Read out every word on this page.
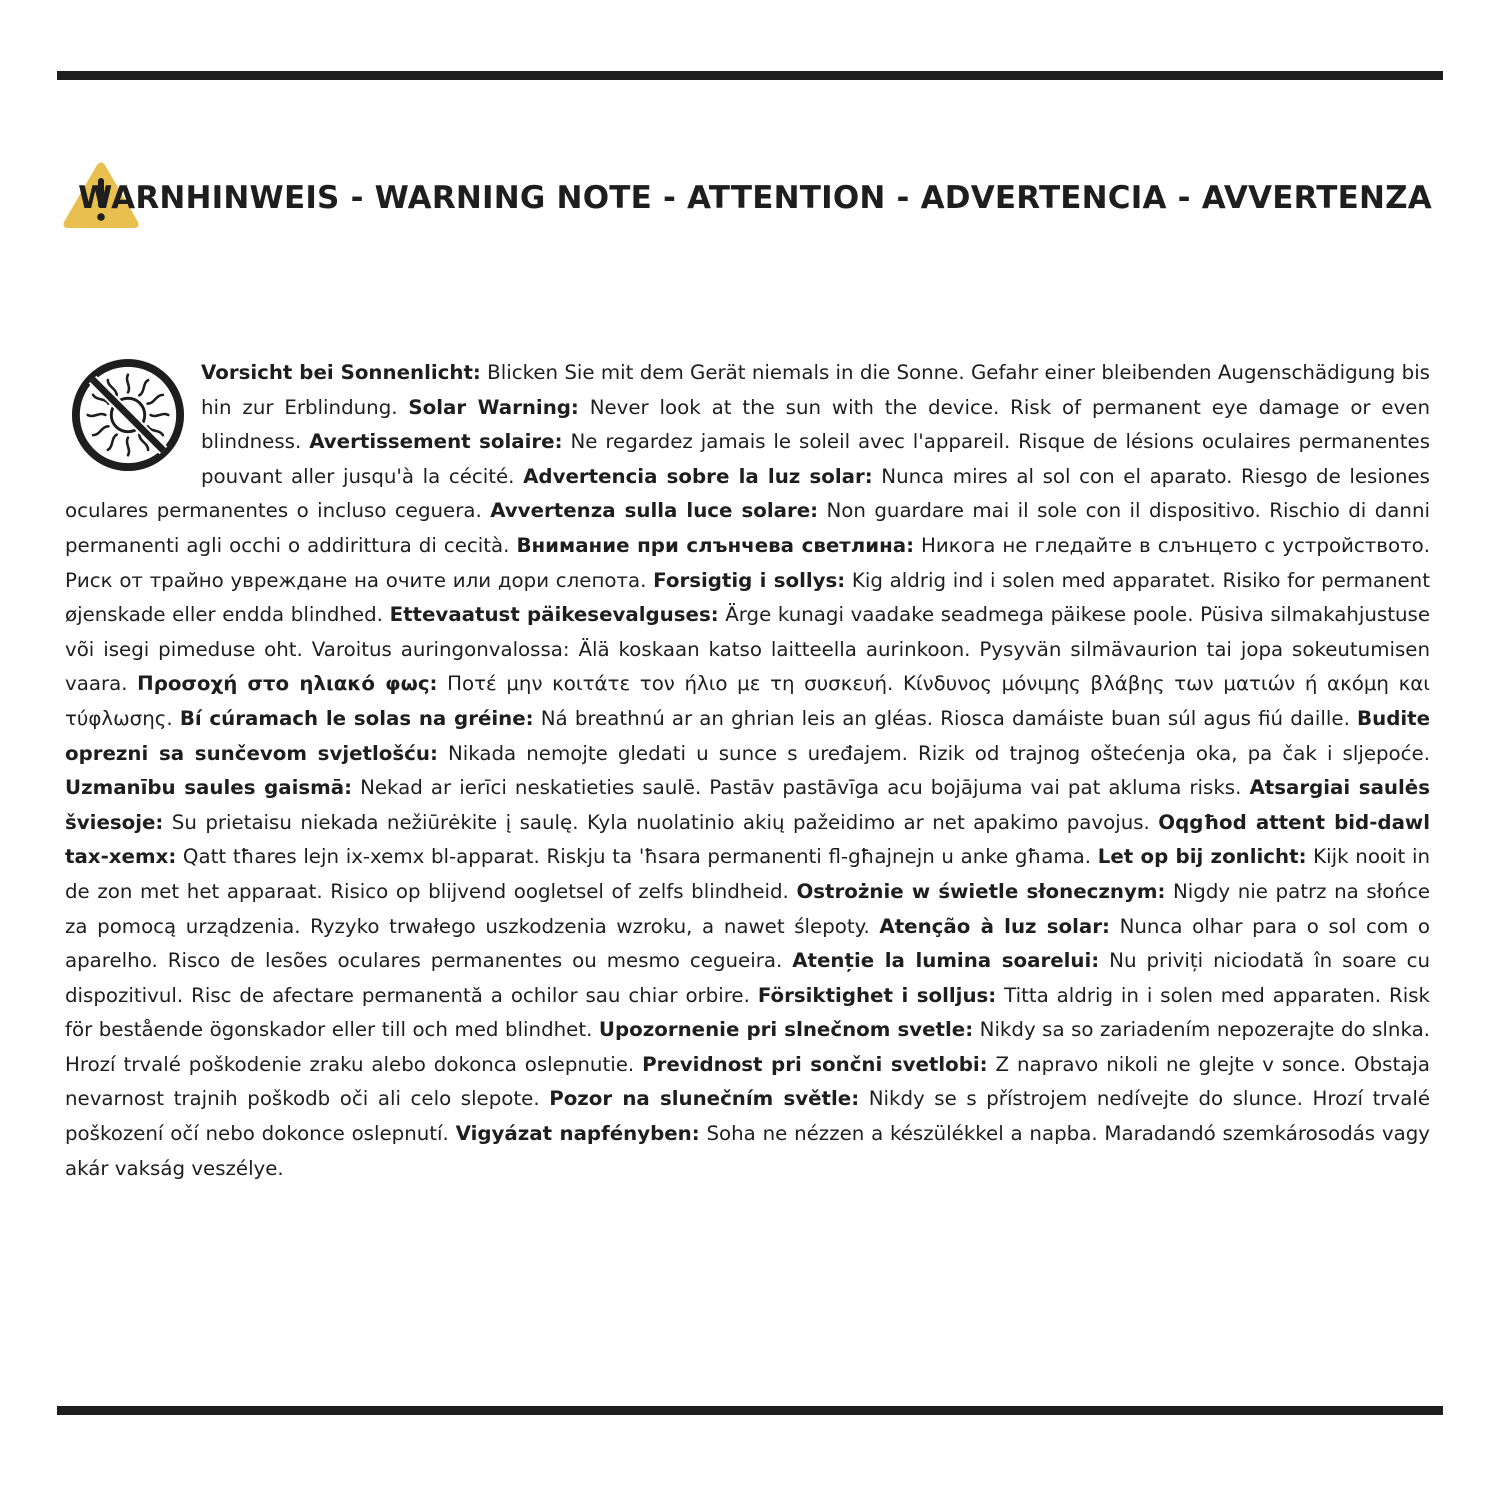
WARNHINWEIS - WARNING NOTE - ATTENTION - ADVERTENCIA - AVVERTENZA

Vorsicht bei Sonnenlicht: Blicken Sie mit dem Gerät niemals in die Sonne. Gefahr einer bleibenden Augenschädigung bis hin zur Erblindung. Solar Warning: Never look at the sun with the device. Risk of permanent eye damage or even blindness. Avertissement solaire: Ne regardez jamais le soleil avec l'appareil. Risque de lésions oculaires permanentes pouvant aller jusqu'à la cécité. Advertencia sobre la luz solar: Nunca mires al sol con el aparato. Riesgo de lesiones oculares permanentes o incluso ceguera. Avvertenza sulla luce solare: Non guardare mai il sole con il dispositivo. Rischio di danni permanenti agli occhi o addirittura di cecità. Внимание при слънчева светлина: Никога не гледайте в слънцето с устройството. Риск от трайно увреждане на очите или дори слепота. Forsigtig i sollys: Kig aldrig ind i solen med apparatet. Risiko for permanent øjenskade eller endda blindhed. Ettevaatust päikesevalguses: Ärge kunagi vaadake seadmega päikese poole. Püsiva silmakahjustuse või isegi pimeduse oht. Varoitus auringonvalossa: Älä koskaan katso laitteella aurinkoon. Pysyvän silmävaurion tai jopa sokeutumisen vaara. Προσοχή στο ηλιακό φως: Ποτέ μην κοιτάτε τον ήλιο με τη συσκευή. Κίνδυνος μόνιμης βλάβης των ματιών ή ακόμη και τύφλωσης. Bí cúramach le solas na gréine: Ná breathnú ar an ghrian leis an gléas. Riosca damáiste buan súl agus fiú daille. Budite oprezni sa sunčevom svjetlošću: Nikada nemojte gledati u sunce s uređajem. Rizik od trajnog oštećenja oka, pa čak i sljepoće. Uzmanību saules gaismā: Nekad ar ierīci neskatieties saulē. Pastāv pastāvīga acu bojājuma vai pat akluma risks. Atsargiai saulės šviesoje: Su prietaisu niekada nežiūrėkite į saulę. Kyla nuolatinio akių pažeidimo ar net apakimo pavojus. Oqgħod attent bid-dawl tax-xemx: Qatt tħares lejn ix-xemx bl-apparat. Riskju ta 'ħsara permanenti fl-għajnejn u anke għama. Let op bij zonlicht: Kijk nooit in de zon met het apparaat. Risico op blijvend oogletsel of zelfs blindheid. Ostrożnie w świetle słonecznym: Nigdy nie patrz na słońce za pomocą urządzenia. Ryzyko trwałego uszkodzenia wzroku, a nawet ślepoty. Atenção à luz solar: Nunca olhar para o sol com o aparelho. Risco de lesões oculares permanentes ou mesmo cegueira. Atenție la lumina soarelui: Nu priviți niciodată în soare cu dispozitivul. Risc de afectare permanentă a ochilor sau chiar orbire. Försiktighet i solljus: Titta aldrig in i solen med apparaten. Risk för bestående ögonskador eller till och med blindhet. Upozornenie pri slnečnom svetle: Nikdy sa so zariadením nepozerajte do slnka. Hrozí trvalé poškodenie zraku alebo dokonca oslepnutie. Previdnost pri sončni svetlobi: Z napravo nikoli ne glejte v sonce. Obstaja nevarnost trajnih poškodb oči ali celo slepote. Pozor na slunečním světle: Nikdy se s přístrojem nedívejte do slunce. Hrozí trvalé poškození očí nebo dokonce oslepnutí. Vigyázat napfényben: Soha ne nézzen a készülékkel a napba. Maradandó szemkárosodás vagy akár vakság veszélye.
